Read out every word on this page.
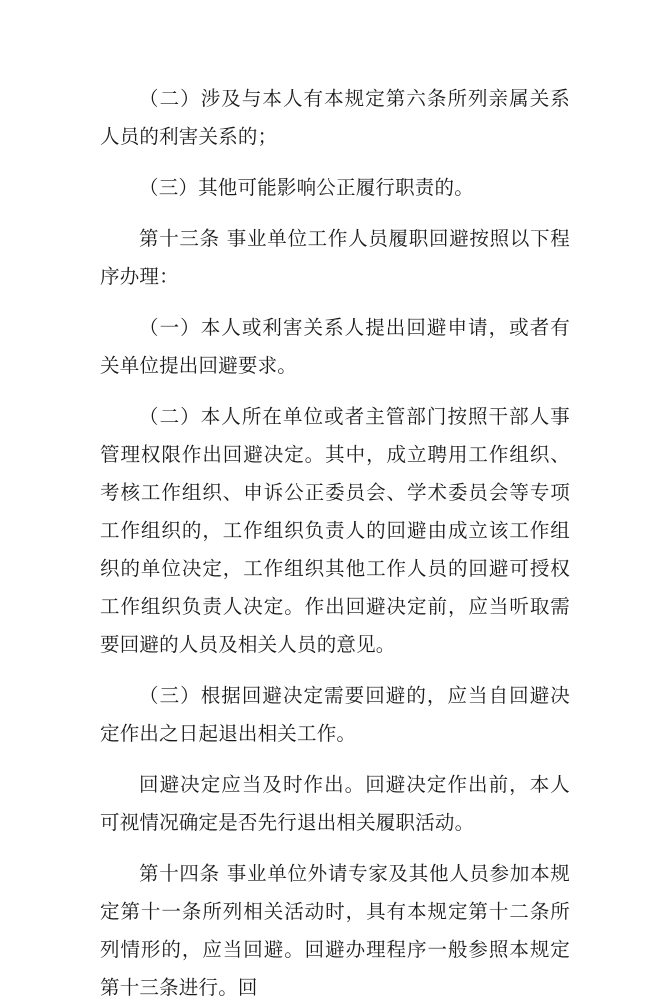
（二）涉及与本人有本规定第六条所列亲属关系人员的利害关系的；

（三）其他可能影响公正履行职责的。

第十三条 事业单位工作人员履职回避按照以下程序办理：

（一）本人或利害关系人提出回避申请，或者有关单位提出回避要求。

（二）本人所在单位或者主管部门按照干部人事管理权限作出回避决定。其中，成立聘用工作组织、考核工作组织、申诉公正委员会、学术委员会等专项工作组织的，工作组织负责人的回避由成立该工作组织的单位决定，工作组织其他工作人员的回避可授权工作组织负责人决定。作出回避决定前，应当听取需要回避的人员及相关人员的意见。

（三）根据回避决定需要回避的，应当自回避决定作出之日起退出相关工作。

回避决定应当及时作出。回避决定作出前，本人可视情况确定是否先行退出相关履职活动。

第十四条 事业单位外请专家及其他人员参加本规定第十一条所列相关活动时，具有本规定第十二条所列情形的，应当回避。回避办理程序一般参照本规定第十三条进行。回
